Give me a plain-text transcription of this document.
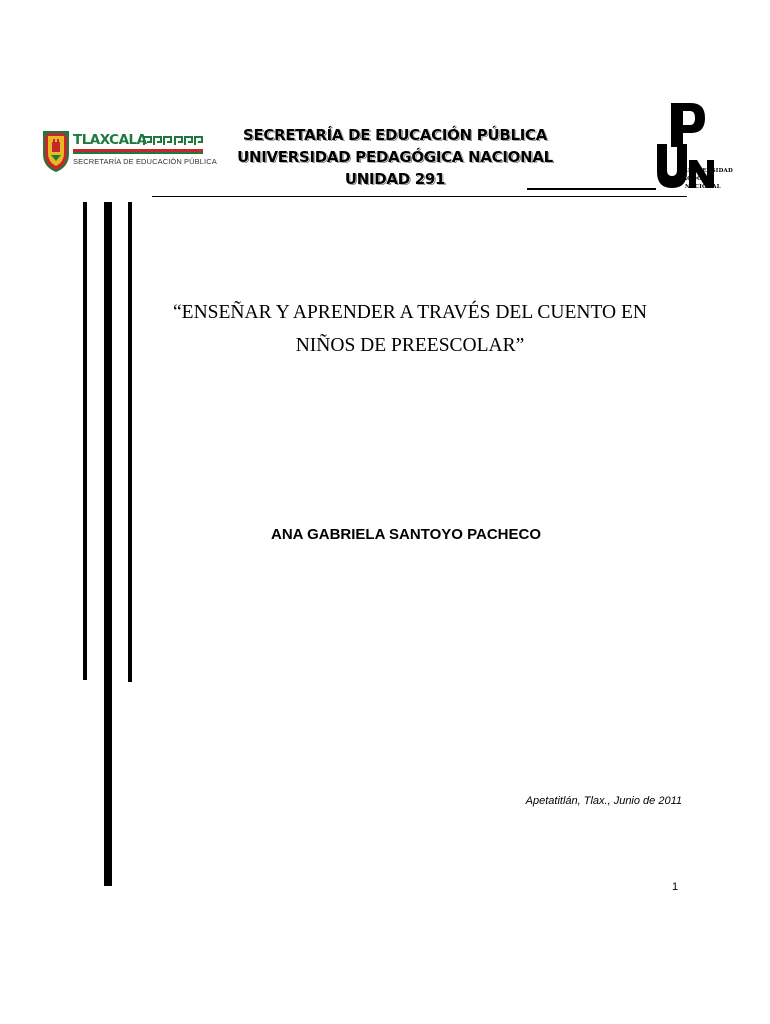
TLAXCALA
SECRETARÍA DE EDUCACIÓN PÚBLICA
SECRETARÍA DE EDUCACIÓN PÚBLICA
UNIVERSIDAD PEDAGÓGICA NACIONAL
UNIDAD 291	UNIVERSIDAD
PEDAGÓGICA
NACIONAL
“ENSEÑAR Y APRENDER A TRAVÉS DEL CUENTO EN
NIÑOS DE PREESCOLAR”
ANA GABRIELA SANTOYO PACHECO
Apetatitlán, Tlax., Junio de 2011
1
